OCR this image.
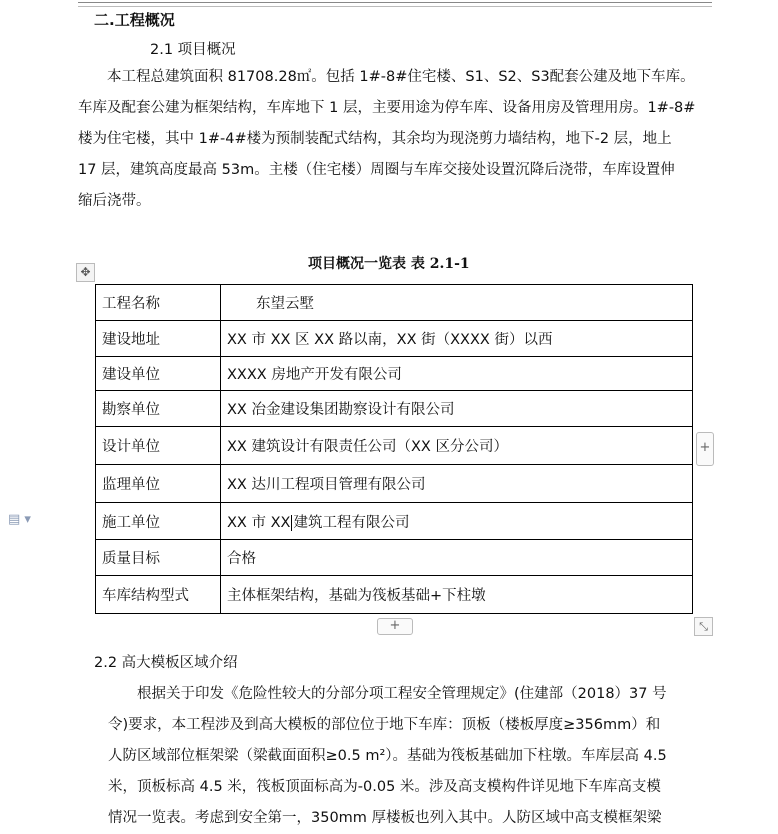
二.工程概况
2.1 项目概况

　　本工程总建筑面积 81708.28㎡。包括 1#-8#住宅楼、S1、S2、S3配套公建及地下车库。

车库及配套公建为框架结构，车库地下 1 层，主要用途为停车库、设备用房及管理用房。1#-8#

楼为住宅楼，其中 1#-4#楼为预制装配式结构，其余均为现浇剪力墙结构，地下-2 层，地上

17 层，建筑高度最高 53m。主楼（住宅楼）周圈与车库交接处设置沉降后浇带，车库设置伸

缩后浇带。

项目概况一览表 表 2.1-1
✥
工程名称	　　东望云墅
建设地址	XX 市 XX 区 XX 路以南，XX 街（XXXX 街）以西
建设单位	XXXX 房地产开发有限公司
勘察单位	XX 冶金建设集团勘察设计有限公司
设计单位	XX 建筑设计有限责任公司（XX 区分公司）
监理单位	XX 达川工程项目管理有限公司
施工单位	XX 市 XX 建筑工程有限公司
质量目标	合格
车库结构型式	主体框架结构，基础为筏板基础+下柱墩
+
+	⤡
▤ ▾
2.2 高大模板区域介绍

　　根据关于印发《危险性较大的分部分项工程安全管理规定》(住建部（2018）37 号

令)要求，本工程涉及到高大模板的部位位于地下车库：顶板（楼板厚度≥356mm）和

人防区域部位框架梁（梁截面面积≥0.5 m²）。基础为筏板基础加下柱墩。车库层高 4.5

米，顶板标高 4.5 米，筏板顶面标高为-0.05 米。涉及高支模构件详见地下车库高支模

情况一览表。考虑到安全第一，350mm 厚楼板也列入其中。人防区域中高支模框架梁
